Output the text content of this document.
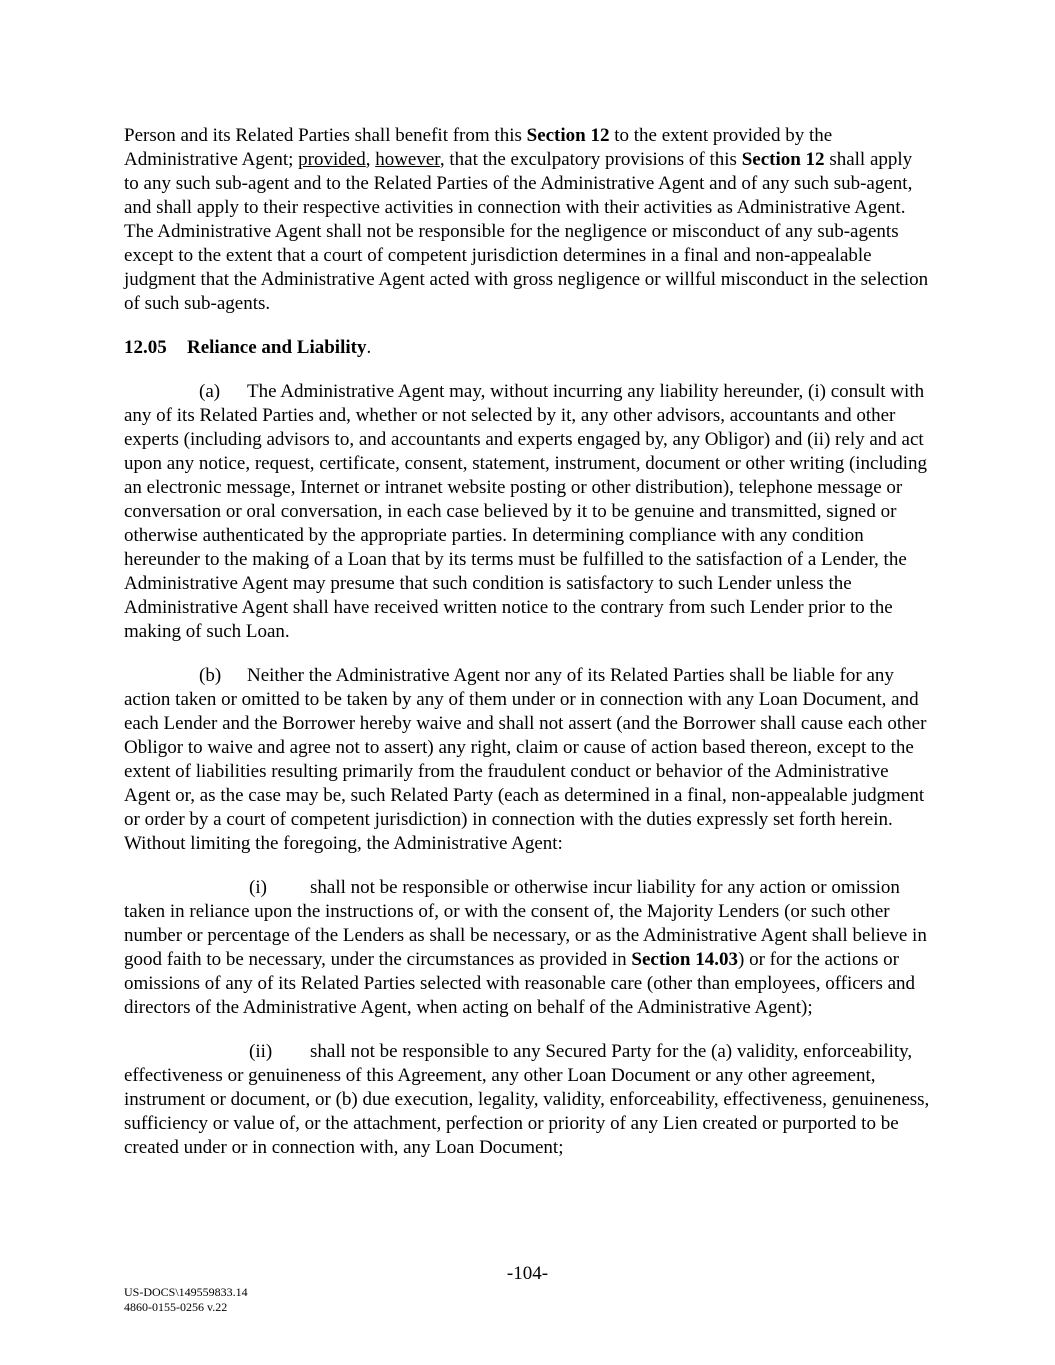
Person and its Related Parties shall benefit from this Section 12 to the extent provided by the Administrative Agent; provided, however, that the exculpatory provisions of this Section 12 shall apply to any such sub-agent and to the Related Parties of the Administrative Agent and of any such sub-agent, and shall apply to their respective activities in connection with their activities as Administrative Agent. The Administrative Agent shall not be responsible for the negligence or misconduct of any sub-agents except to the extent that a court of competent jurisdiction determines in a final and non-appealable judgment that the Administrative Agent acted with gross negligence or willful misconduct in the selection of such sub-agents.

12.05 Reliance and Liability.

(a) The Administrative Agent may, without incurring any liability hereunder, (i) consult with any of its Related Parties and, whether or not selected by it, any other advisors, accountants and other experts (including advisors to, and accountants and experts engaged by, any Obligor) and (ii) rely and act upon any notice, request, certificate, consent, statement, instrument, document or other writing (including an electronic message, Internet or intranet website posting or other distribution), telephone message or conversation or oral conversation, in each case believed by it to be genuine and transmitted, signed or otherwise authenticated by the appropriate parties. In determining compliance with any condition hereunder to the making of a Loan that by its terms must be fulfilled to the satisfaction of a Lender, the Administrative Agent may presume that such condition is satisfactory to such Lender unless the Administrative Agent shall have received written notice to the contrary from such Lender prior to the making of such Loan.

(b) Neither the Administrative Agent nor any of its Related Parties shall be liable for any action taken or omitted to be taken by any of them under or in connection with any Loan Document, and each Lender and the Borrower hereby waive and shall not assert (and the Borrower shall cause each other Obligor to waive and agree not to assert) any right, claim or cause of action based thereon, except to the extent of liabilities resulting primarily from the fraudulent conduct or behavior of the Administrative Agent or, as the case may be, such Related Party (each as determined in a final, non-appealable judgment or order by a court of competent jurisdiction) in connection with the duties expressly set forth herein. Without limiting the foregoing, the Administrative Agent:

(i) shall not be responsible or otherwise incur liability for any action or omission taken in reliance upon the instructions of, or with the consent of, the Majority Lenders (or such other number or percentage of the Lenders as shall be necessary, or as the Administrative Agent shall believe in good faith to be necessary, under the circumstances as provided in Section 14.03) or for the actions or omissions of any of its Related Parties selected with reasonable care (other than employees, officers and directors of the Administrative Agent, when acting on behalf of the Administrative Agent);

(ii) shall not be responsible to any Secured Party for the (a) validity, enforceability, effectiveness or genuineness of this Agreement, any other Loan Document or any other agreement, instrument or document, or (b) due execution, legality, validity, enforceability, effectiveness, genuineness, sufficiency or value of, or the attachment, perfection or priority of any Lien created or purported to be created under or in connection with, any Loan Document;

-104-
US-DOCS\149559833.14
4860-0155-0256 v.22
